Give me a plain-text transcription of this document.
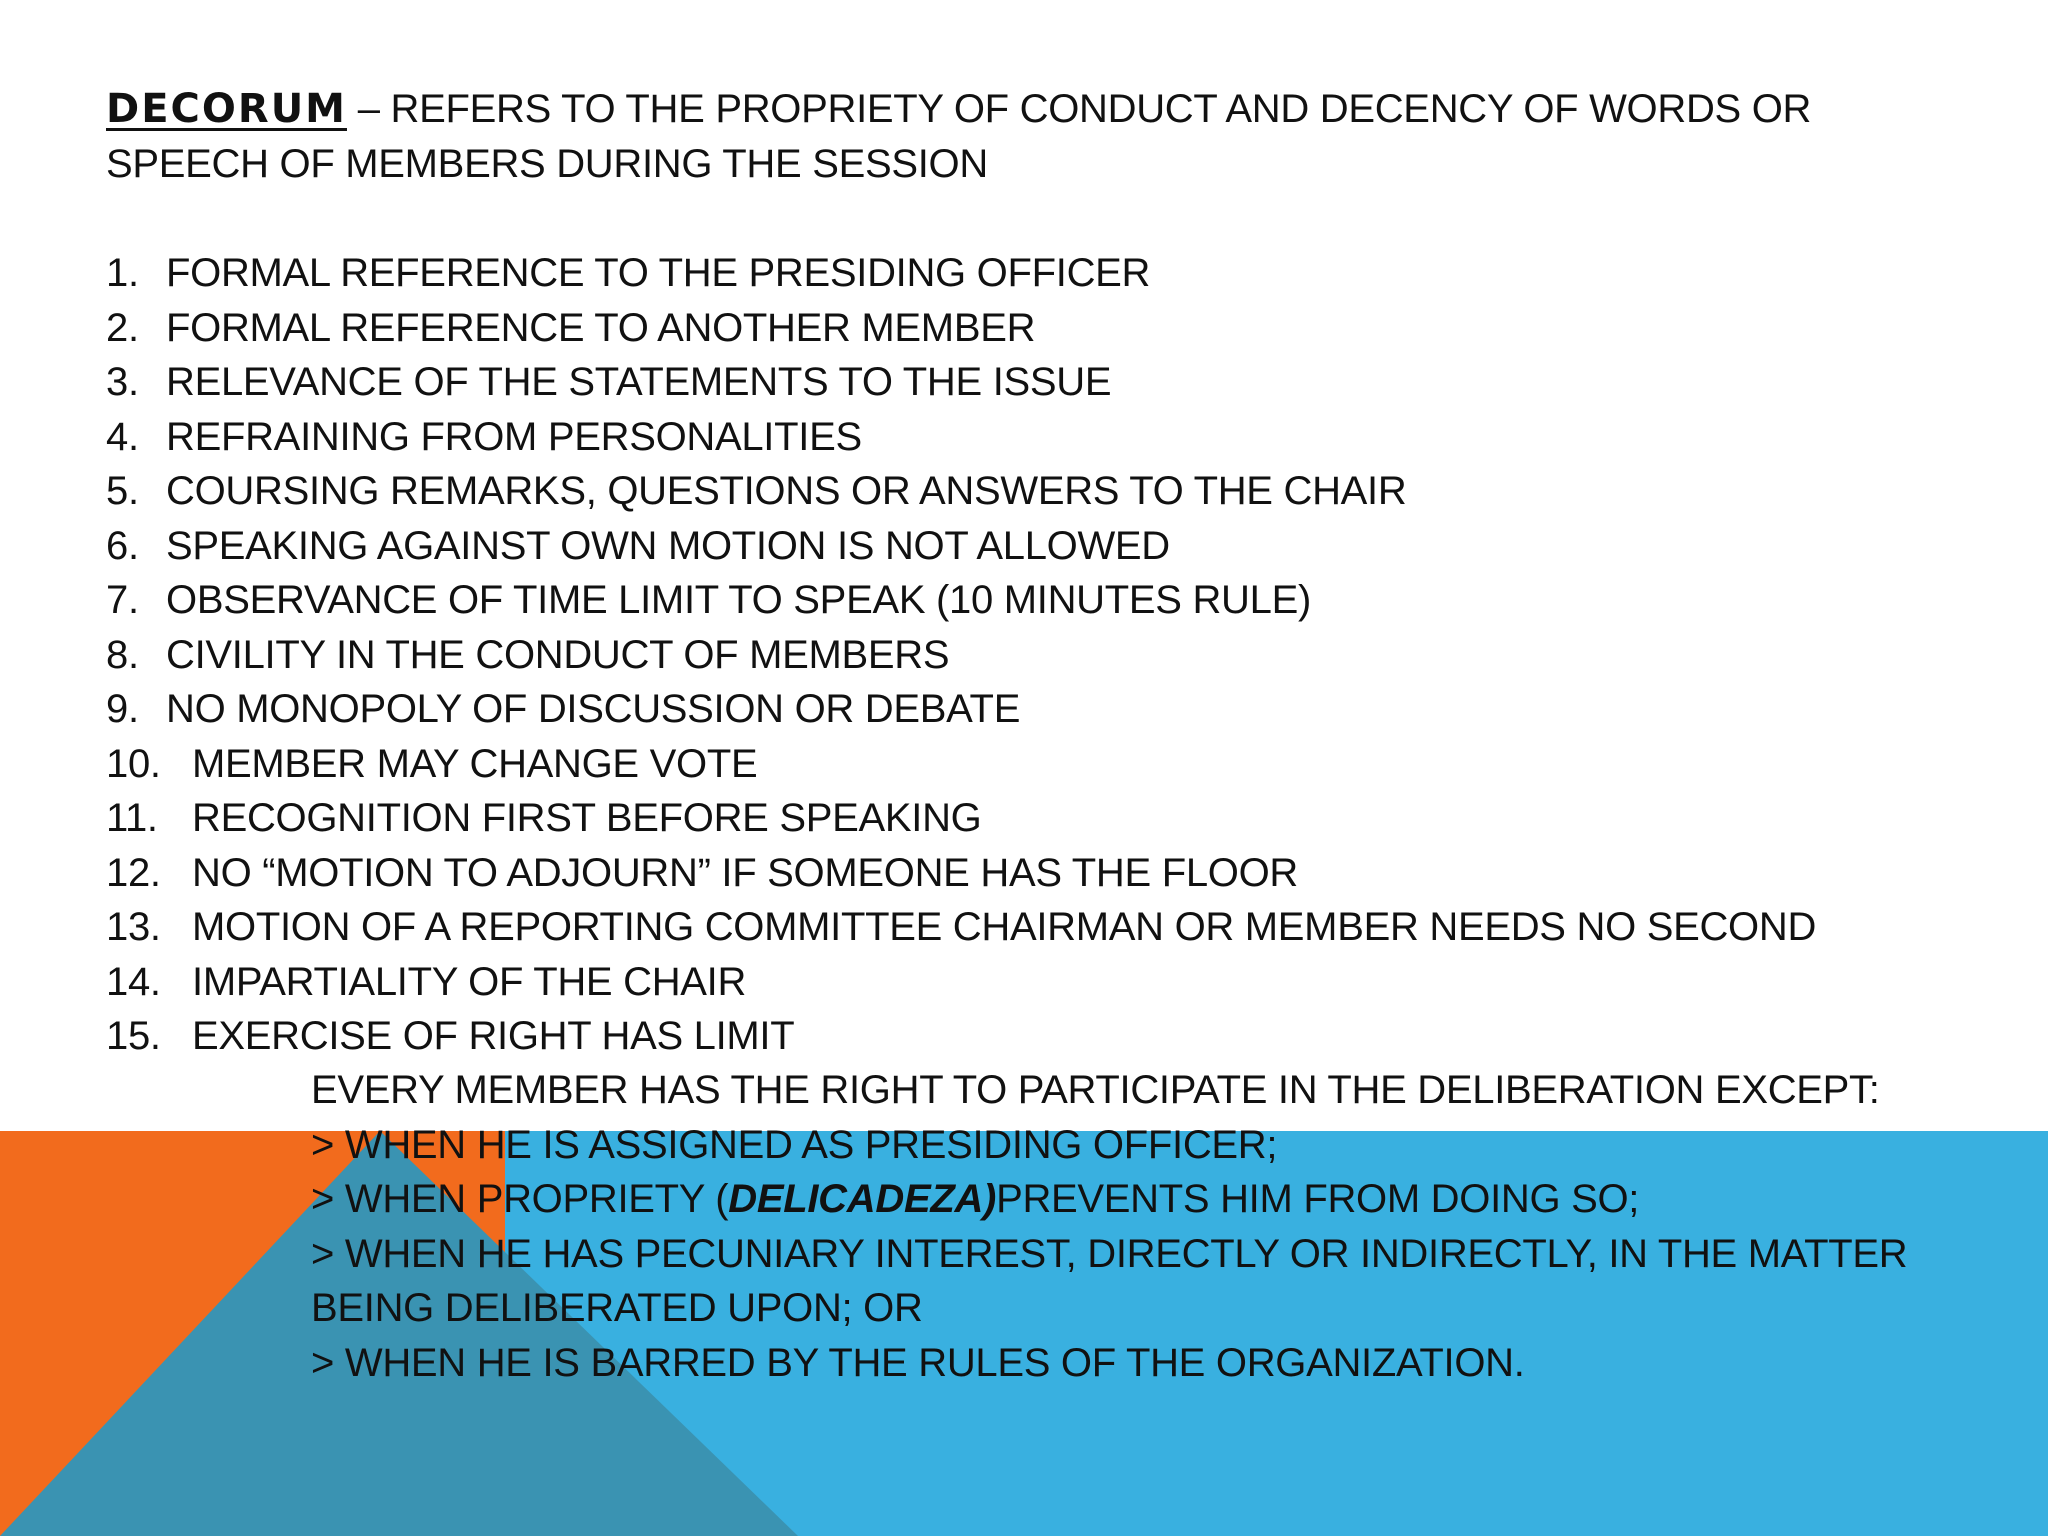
DECORUM – REFERS TO THE PROPRIETY OF CONDUCT AND DECENCY OF WORDS OR
SPEECH OF MEMBERS DURING THE SESSION
1. FORMAL REFERENCE TO THE PRESIDING OFFICER
2. FORMAL REFERENCE TO ANOTHER MEMBER
3. RELEVANCE OF THE STATEMENTS TO THE ISSUE
4. REFRAINING FROM PERSONALITIES
5. COURSING REMARKS, QUESTIONS OR ANSWERS TO THE CHAIR
6. SPEAKING AGAINST OWN MOTION IS NOT ALLOWED
7. OBSERVANCE OF TIME LIMIT TO SPEAK (10 MINUTES RULE)
8. CIVILITY IN THE CONDUCT OF MEMBERS
9. NO MONOPOLY OF DISCUSSION OR DEBATE
10. MEMBER MAY CHANGE VOTE
11. RECOGNITION FIRST BEFORE SPEAKING
12. NO “MOTION TO ADJOURN” IF SOMEONE HAS THE FLOOR
13. MOTION OF A REPORTING COMMITTEE CHAIRMAN OR MEMBER NEEDS NO SECOND
14. IMPARTIALITY OF THE CHAIR
15. EXERCISE OF RIGHT HAS LIMIT
EVERY MEMBER HAS THE RIGHT TO PARTICIPATE IN THE DELIBERATION EXCEPT:
> WHEN HE IS ASSIGNED AS PRESIDING OFFICER;
> WHEN PROPRIETY ( DELICADEZA) PREVENTS HIM FROM DOING SO;
> WHEN HE HAS PECUNIARY INTEREST, DIRECTLY OR INDIRECTLY, IN THE MATTER
BEING DELIBERATED UPON; OR
> WHEN HE IS BARRED BY THE RULES OF THE ORGANIZATION.
